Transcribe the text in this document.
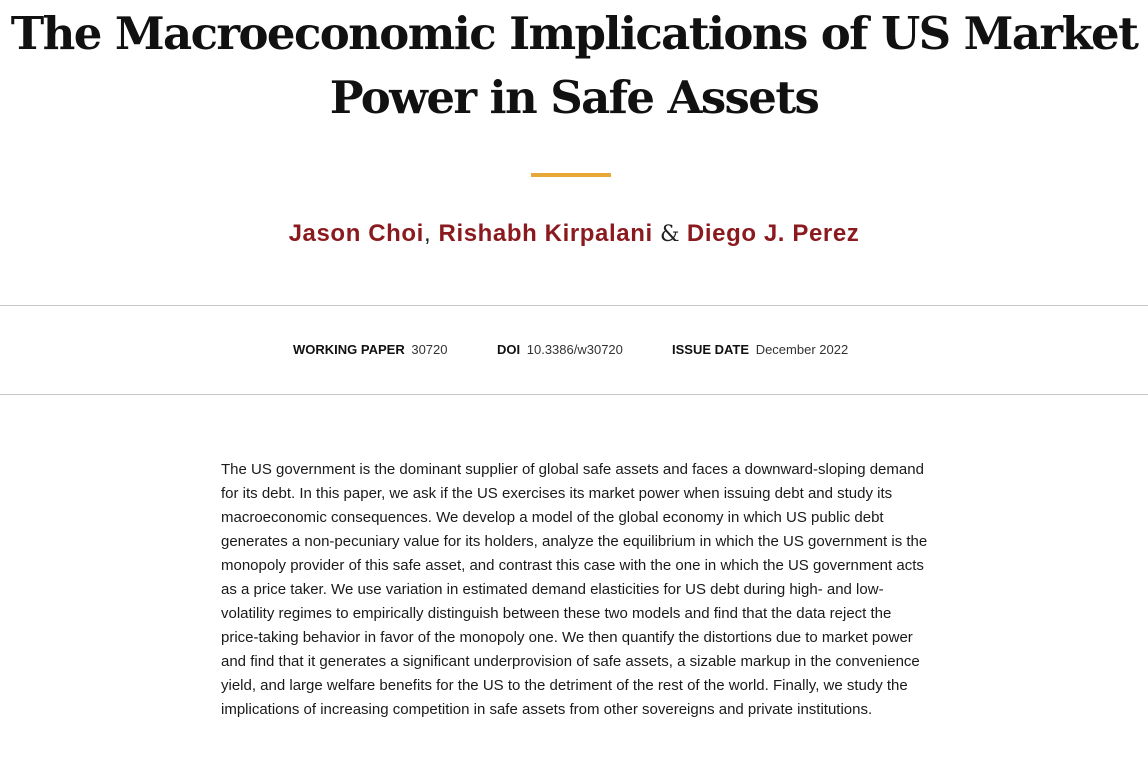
The Macroeconomic Implications of US Market Power in Safe Assets
Jason Choi, Rishabh Kirpalani & Diego J. Perez
WORKING PAPER 30720	DOI 10.3386/w30720	ISSUE DATE December 2022

The US government is the dominant supplier of global safe assets and faces a downward-sloping demand for its debt. In this paper, we ask if the US exercises its market power when issuing debt and study its macroeconomic consequences. We develop a model of the global economy in which US public debt generates a non-pecuniary value for its holders, analyze the equilibrium in which the US government is the monopoly provider of this safe asset, and contrast this case with the one in which the US government acts as a price taker. We use variation in estimated demand elasticities for US debt during high- and low-volatility regimes to empirically distinguish between these two models and find that the data reject the price-taking behavior in favor of the monopoly one. We then quantify the distortions due to market power and find that it generates a significant underprovision of safe assets, a sizable markup in the convenience yield, and large welfare benefits for the US to the detriment of the rest of the world. Finally, we study the implications of increasing competition in safe assets from other sovereigns and private institutions.
